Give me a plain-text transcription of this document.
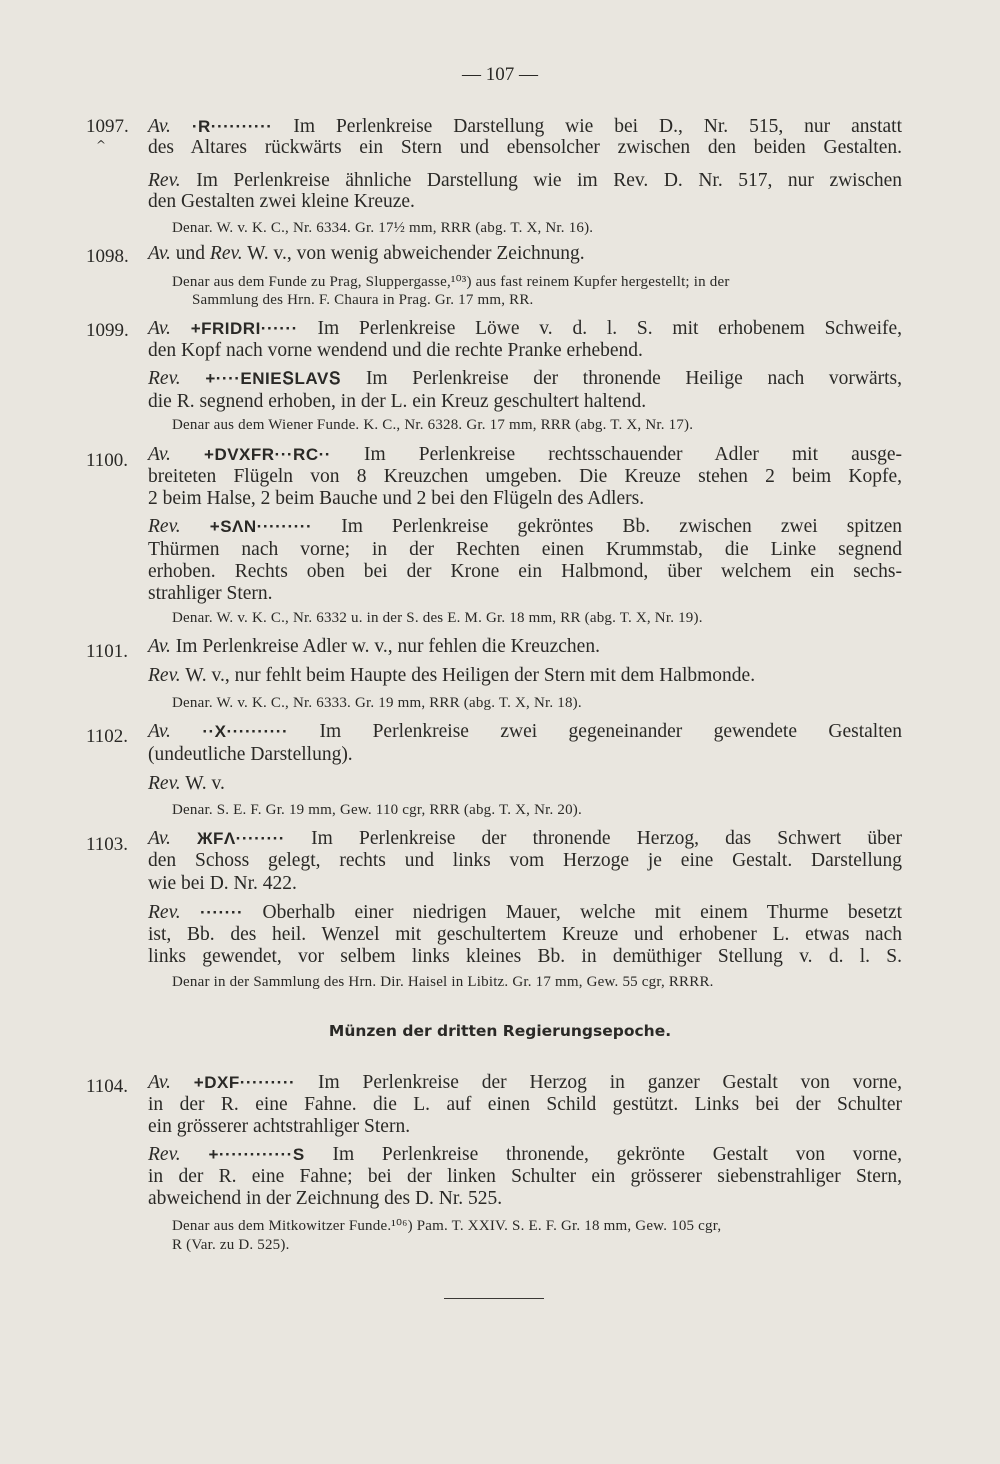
— 107 —
1097.
^
Av. ·R·········· Im Perlenkreise Darstellung wie bei D., Nr. 515, nur anstatt
des Altares rückwärts ein Stern und ebensolcher zwischen den beiden Gestalten.
Rev. Im Perlenkreise ähnliche Darstellung wie im Rev. D. Nr. 517, nur zwischen
den Gestalten zwei kleine Kreuze.
Denar. W. v. K. C., Nr. 6334. Gr. 17½ mm, RRR (abg. T. X, Nr. 16).
1098. Av. und Rev. W. v., von wenig abweichender Zeichnung.
Denar aus dem Funde zu Prag, Sluppergasse,¹⁰³) aus fast reinem Kupfer hergestellt; in der
Sammlung des Hrn. F. Chaura in Prag. Gr. 17 mm, RR.
1099. Av. +FRIDRI······ Im Perlenkreise Löwe v. d. l. S. mit erhobenem Schweife,
den Kopf nach vorne wendend und die rechte Pranke erhebend.
Rev. +····ENIEՏLAVՏ Im Perlenkreise der thronende Heilige nach vorwärts,
die R. segnend erhoben, in der L. ein Kreuz geschultert haltend.
Denar aus dem Wiener Funde. K. C., Nr. 6328. Gr. 17 mm, RRR (abg. T. X, Nr. 17).
1100. Av. +DVXFR···RC·· Im Perlenkreise rechtsschauender Adler mit ausge-
breiteten Flügeln von 8 Kreuzchen umgeben. Die Kreuze stehen 2 beim Kopfe,
2 beim Halse, 2 beim Bauche und 2 bei den Flügeln des Adlers.
Rev. +SΛN········· Im Perlenkreise gekröntes Bb. zwischen zwei spitzen
Thürmen nach vorne; in der Rechten einen Krummstab, die Linke segnend
erhoben. Rechts oben bei der Krone ein Halbmond, über welchem ein sechs-
strahliger Stern.
Denar. W. v. K. C., Nr. 6332 u. in der S. des E. M. Gr. 18 mm, RR (abg. T. X, Nr. 19).
1101. Av. Im Perlenkreise Adler w. v., nur fehlen die Kreuzchen.
Rev. W. v., nur fehlt beim Haupte des Heiligen der Stern mit dem Halbmonde.
Denar. W. v. K. C., Nr. 6333. Gr. 19 mm, RRR (abg. T. X, Nr. 18).
1102. Av. ··X·········· Im Perlenkreise zwei gegeneinander gewendete Gestalten
(undeutliche Darstellung).
Rev. W. v.
Denar. S. E. F. Gr. 19 mm, Gew. 110 cgr, RRR (abg. T. X, Nr. 20).
1103. Av. ЖFΛ········ Im Perlenkreise der thronende Herzog, das Schwert über
den Schoss gelegt, rechts und links vom Herzoge je eine Gestalt. Darstellung
wie bei D. Nr. 422.
Rev. ······· Oberhalb einer niedrigen Mauer, welche mit einem Thurme besetzt
ist, Bb. des heil. Wenzel mit geschultertem Kreuze und erhobener L. etwas nach
links gewendet, vor selbem links kleines Bb. in demüthiger Stellung v. d. l. S.
Denar in der Sammlung des Hrn. Dir. Haisel in Libitz. Gr. 17 mm, Gew. 55 cgr, RRRR.
Münzen der dritten Regierungsepoche.
1104. Av. +DXF········· Im Perlenkreise der Herzog in ganzer Gestalt von vorne,
in der R. eine Fahne. die L. auf einen Schild gestützt. Links bei der Schulter
ein grösserer achtstrahliger Stern.
Rev. +············S Im Perlenkreise thronende, gekrönte Gestalt von vorne,
in der R. eine Fahne; bei der linken Schulter ein grösserer siebenstrahliger Stern,
abweichend in der Zeichnung des D. Nr. 525.
Denar aus dem Mitkowitzer Funde.¹⁰⁶) Pam. T. XXIV. S. E. F. Gr. 18 mm, Gew. 105 cgr,
R (Var. zu D. 525).
